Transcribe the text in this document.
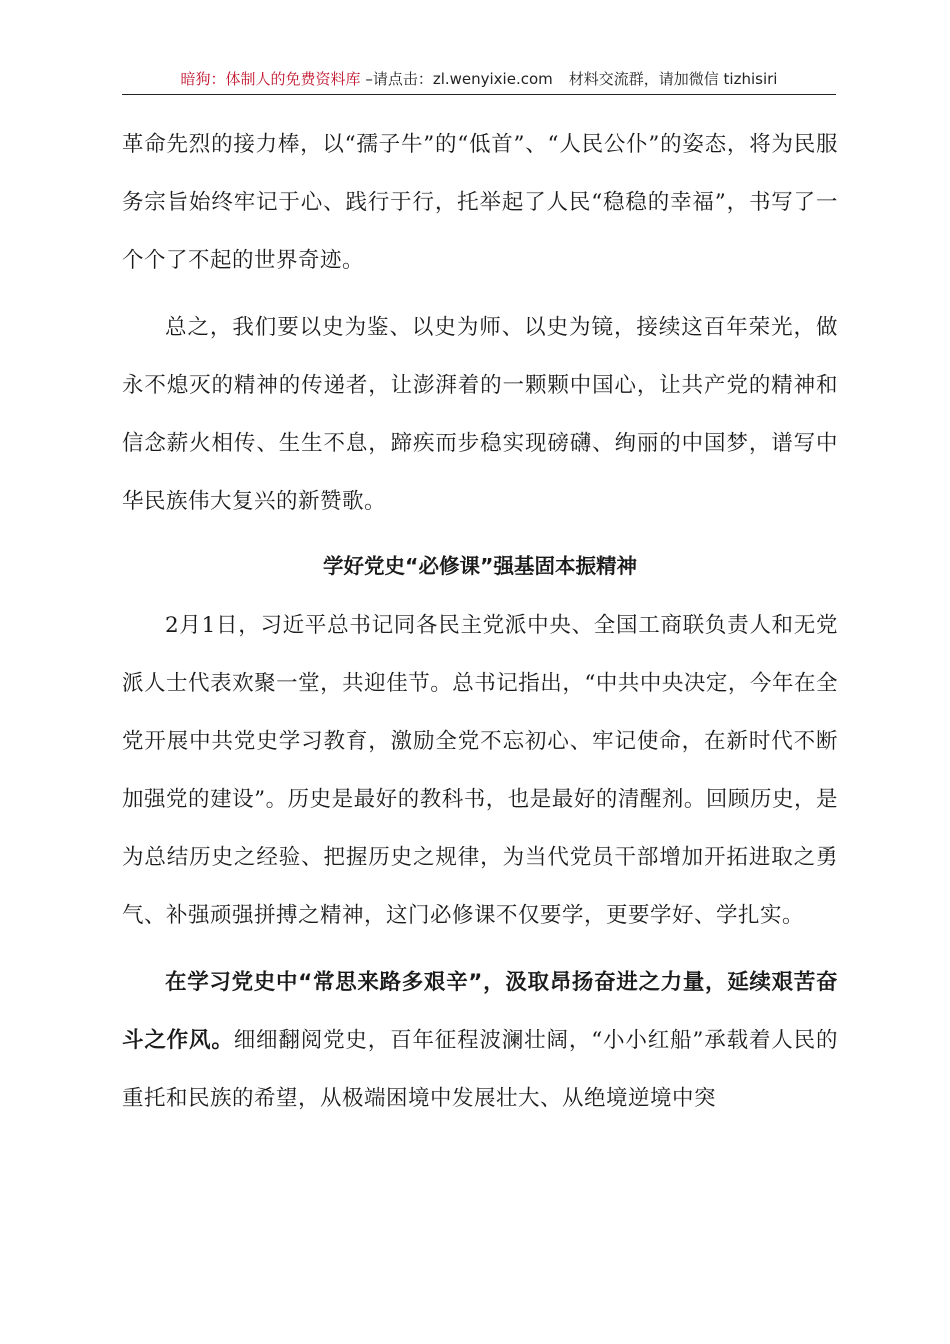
暗狗：体制人的免费资料库 –请点击：zl.wenyixie.com 材料交流群，请加微信 tizhisiri

革命先烈的接力棒，以“孺子牛”的“低首”、“人民公仆”的姿态，将为民服务宗旨始终牢记于心、践行于行，托举起了人民“稳稳的幸福”，书写了一个个了不起的世界奇迹。

总之，我们要以史为鉴、以史为师、以史为镜，接续这百年荣光，做永不熄灭的精神的传递者，让澎湃着的一颗颗中国心，让共产党的精神和信念薪火相传、生生不息，蹄疾而步稳实现磅礴、绚丽的中国梦，谱写中华民族伟大复兴的新赞歌。

学好党史“必修课”强基固本振精神

2月1日，习近平总书记同各民主党派中央、全国工商联负责人和无党派人士代表欢聚一堂，共迎佳节。总书记指出，“中共中央决定，今年在全党开展中共党史学习教育，激励全党不忘初心、牢记使命，在新时代不断加强党的建设”。历史是最好的教科书，也是最好的清醒剂。回顾历史，是为总结历史之经验、把握历史之规律，为当代党员干部增加开拓进取之勇气、补强顽强拼搏之精神，这门必修课不仅要学，更要学好、学扎实。

在学习党史中“常思来路多艰辛”，汲取昂扬奋进之力量，延续艰苦奋斗之作风。细细翻阅党史，百年征程波澜壮阔，“小小红船”承载着人民的重托和民族的希望，从极端困境中发展壮大、从绝境逆境中突
